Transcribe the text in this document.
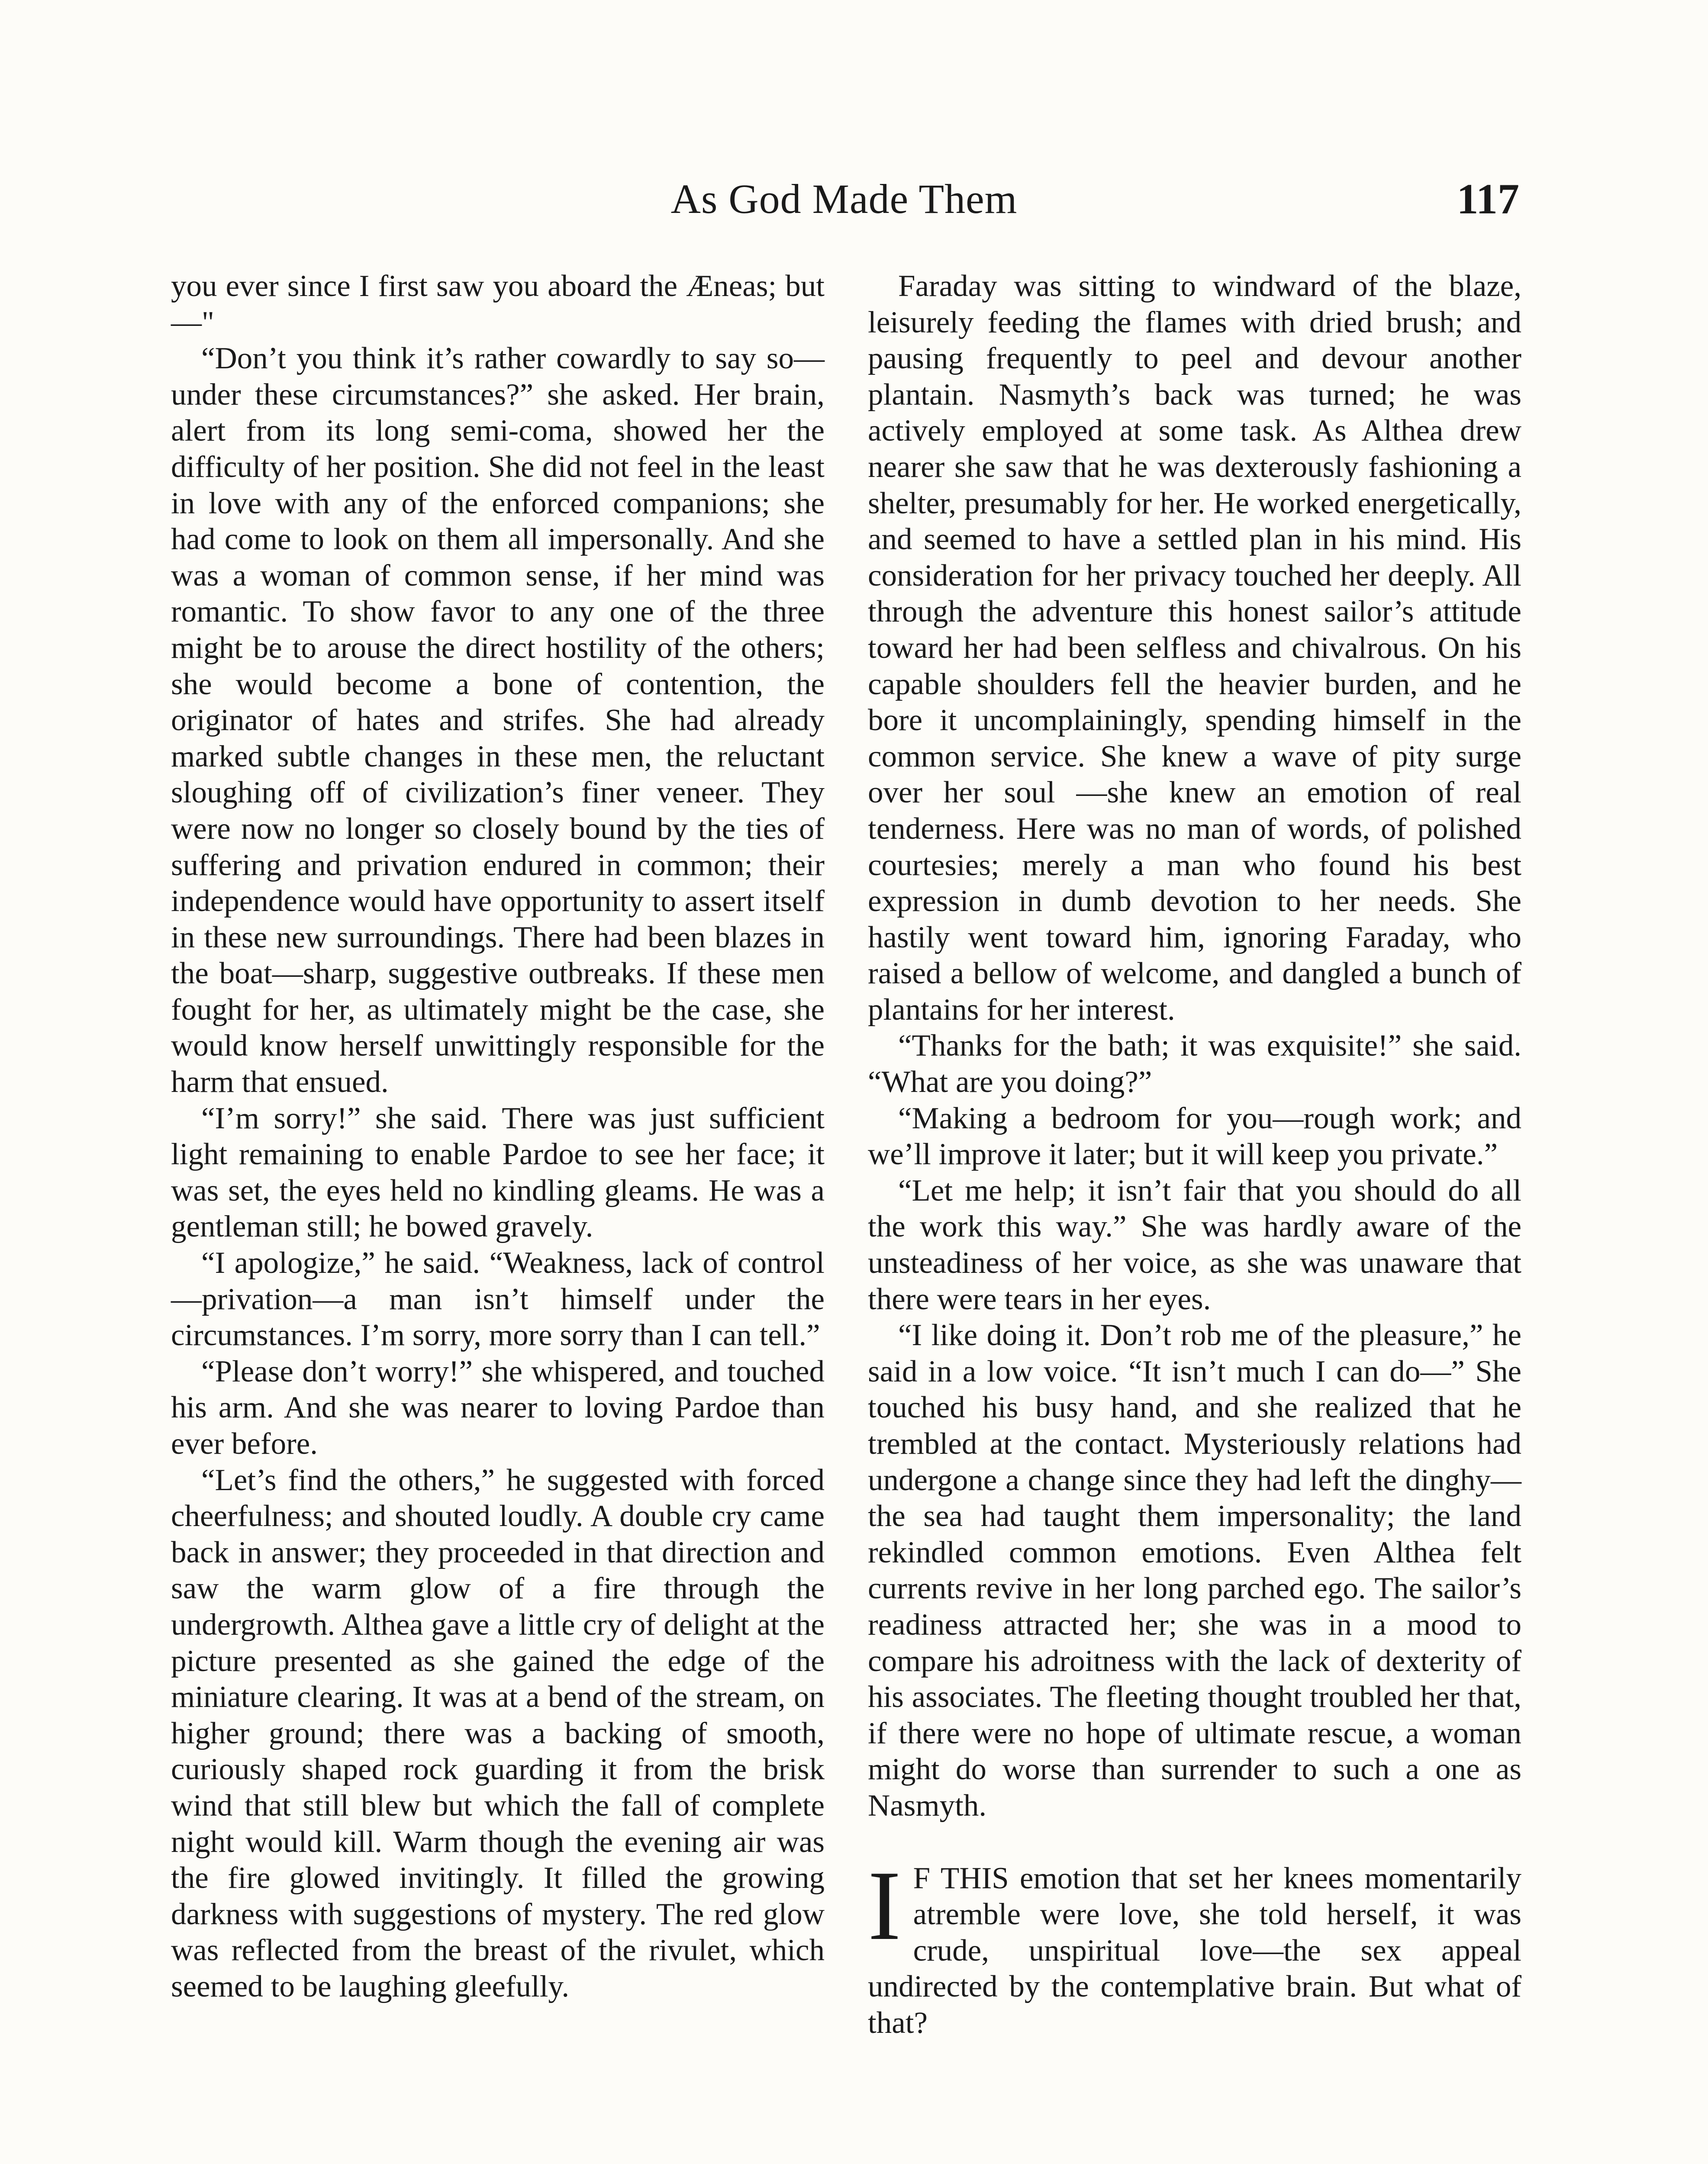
As God Made Them	117

you ever since I first saw you aboard the Æneas; but—"

“Don’t you think it’s rather cowardly to say so—under these circumstances?” she asked. Her brain, alert from its long semi-coma, showed her the difficulty of her position. She did not feel in the least in love with any of the enforced companions; she had come to look on them all impersonally. And she was a woman of common sense, if her mind was romantic. To show favor to any one of the three might be to arouse the direct hostility of the others; she would become a bone of contention, the originator of hates and strifes. She had already marked subtle changes in these men, the reluctant sloughing off of civilization’s finer veneer. They were now no longer so closely bound by the ties of suffering and privation endured in common; their independence would have opportunity to assert itself in these new surroundings. There had been blazes in the boat—sharp, suggestive outbreaks. If these men fought for her, as ultimately might be the case, she would know herself unwittingly responsible for the harm that ensued.

“I’m sorry!” she said. There was just sufficient light remaining to enable Pardoe to see her face; it was set, the eyes held no kindling gleams. He was a gentleman still; he bowed gravely.

“I apologize,” he said. “Weakness, lack of control—privation—a man isn’t himself under the circumstances. I’m sorry, more sorry than I can tell.”

“Please don’t worry!” she whispered, and touched his arm. And she was nearer to loving Pardoe than ever before.

“Let’s find the others,” he suggested with forced cheerfulness; and shouted loudly. A double cry came back in answer; they proceeded in that direction and saw the warm glow of a fire through the undergrowth. Althea gave a little cry of delight at the picture presented as she gained the edge of the miniature clearing. It was at a bend of the stream, on higher ground; there was a backing of smooth, curiously shaped rock guarding it from the brisk wind that still blew but which the fall of complete night would kill. Warm though the evening air was the fire glowed invitingly. It filled the growing darkness with suggestions of mystery. The red glow was reflected from the breast of the rivulet, which seemed to be laughing gleefully.

Faraday was sitting to windward of the blaze, leisurely feeding the flames with dried brush; and pausing frequently to peel and devour another plantain. Nasmyth’s back was turned; he was actively employed at some task. As Althea drew nearer she saw that he was dexterously fashioning a shelter, presumably for her. He worked energetically, and seemed to have a settled plan in his mind. His consideration for her privacy touched her deeply. All through the adventure this honest sailor’s attitude toward her had been selfless and chivalrous. On his capable shoulders fell the heavier burden, and he bore it uncomplainingly, spending himself in the common service. She knew a wave of pity surge over her soul —she knew an emotion of real tenderness. Here was no man of words, of polished courtesies; merely a man who found his best expression in dumb devotion to her needs. She hastily went toward him, ignoring Faraday, who raised a bellow of welcome, and dangled a bunch of plantains for her interest.

“Thanks for the bath; it was exquisite!” she said. “What are you doing?”

“Making a bedroom for you—rough work; and we’ll improve it later; but it will keep you private.”

“Let me help; it isn’t fair that you should do all the work this way.” She was hardly aware of the unsteadiness of her voice, as she was unaware that there were tears in her eyes.

“I like doing it. Don’t rob me of the pleasure,” he said in a low voice. “It isn’t much I can do—” She touched his busy hand, and she realized that he trembled at the contact. Mysteriously relations had undergone a change since they had left the dinghy—the sea had taught them impersonality; the land rekindled common emotions. Even Althea felt currents revive in her long parched ego. The sailor’s readiness attracted her; she was in a mood to compare his adroitness with the lack of dexterity of his associates. The fleeting thought troubled her that, if there were no hope of ultimate rescue, a woman might do worse than surrender to such a one as Nasmyth.

I F THIS emotion that set her knees momentarily atremble were love, she told herself, it was crude, unspiritual love—the sex appeal undirected by the contemplative brain. But what of that?
